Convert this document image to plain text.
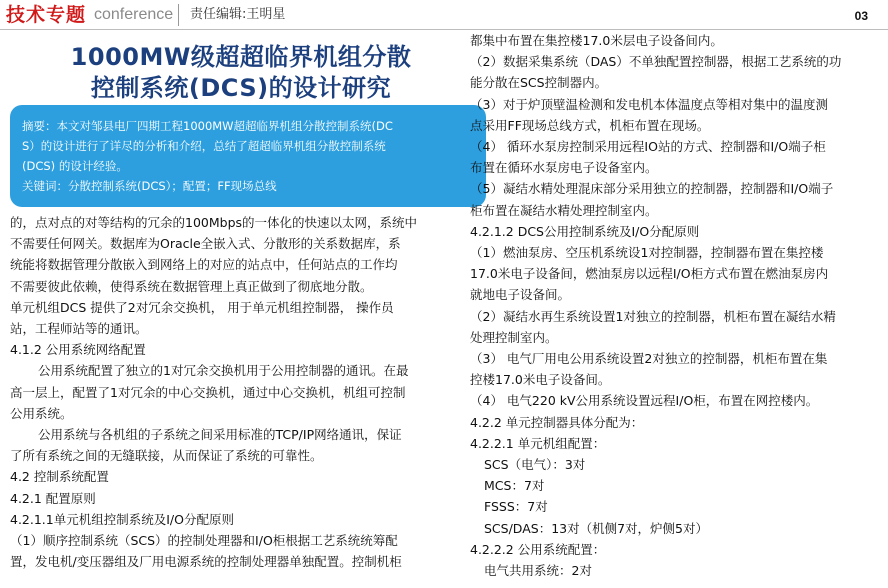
技术专题 conference 责任编辑:王明星	03
1000MW级超超临界机组分散
控制系统(DCS)的设计研究

摘要：本文对邹县电厂四期工程1000MW超超临界机组分散控制系统(DC

S）的设计进行了详尽的分析和介绍，总结了超超临界机组分散控制系统

(DCS) 的设计经验。

关键词：分散控制系统(DCS）；配置；FF现场总线

的，点对点的对等结构的冗余的100Mbps的一体化的快速以太网，系统中

不需要任何网关。数据库为Oracle全嵌入式、分散形的关系数据库，系

统能将数据管理分散嵌入到网络上的对应的站点中，任何站点的工作均

不需要彼此依赖，使得系统在数据管理上真正做到了彻底地分散。

单元机组DCS 提供了2对冗余交换机， 用于单元机组控制器， 操作员

站，工程师站等的通讯。

4.1.2 公用系统网络配置

公用系统配置了独立的1对冗余交换机用于公用控制器的通讯。在最

高一层上，配置了1对冗余的中心交换机，通过中心交换机，机组可控制

公用系统。

公用系统与各机组的子系统之间采用标准的TCP/IP网络通讯，保证

了所有系统之间的无缝联接，从而保证了系统的可靠性。

4.2 控制系统配置

4.2.1 配置原则

4.2.1.1单元机组控制系统及I/O分配原则

（1）顺序控制系统（SCS）的控制处理器和I/O柜根据工艺系统统筹配

置，发电机/变压器组及厂用电源系统的控制处理器单独配置。控制机柜

都集中布置在集控楼17.0米层电子设备间内。

（2）数据采集系统（DAS）不单独配置控制器，根据工艺系统的功

能分散在SCS控制器内。

（3）对于炉顶壁温检测和发电机本体温度点等相对集中的温度测

点采用FF现场总线方式，机柜布置在现场。

（4） 循环水泵房控制采用远程IO站的方式、控制器和I/O端子柜

布置在循环水泵房电子设备室内。

（5）凝结水精处理混床部分采用独立的控制器，控制器和I/O端子

柜布置在凝结水精处理控制室内。

4.2.1.2 DCS公用控制系统及I/O分配原则

（1）燃油泵房、空压机系统设1对控制器，控制器布置在集控楼

17.0米电子设备间，燃油泵房以远程I/O柜方式布置在燃油泵房内

就地电子设备间。

（2）凝结水再生系统设置1对独立的控制器，机柜布置在凝结水精

处理控制室内。

（3） 电气厂用电公用系统设置2对独立的控制器，机柜布置在集

控楼17.0米电子设备间。

（4） 电气220 kV公用系统设置远程I/O柜，布置在网控楼内。

4.2.2 单元控制器具体分配为：

4.2.2.1 单元机组配置：

SCS（电气）：3对

MCS：7对

FSSS：7对

SCS/DAS：13对（机侧7对，炉侧5对）

4.2.2.2 公用系统配置：

电气共用系统：2对
